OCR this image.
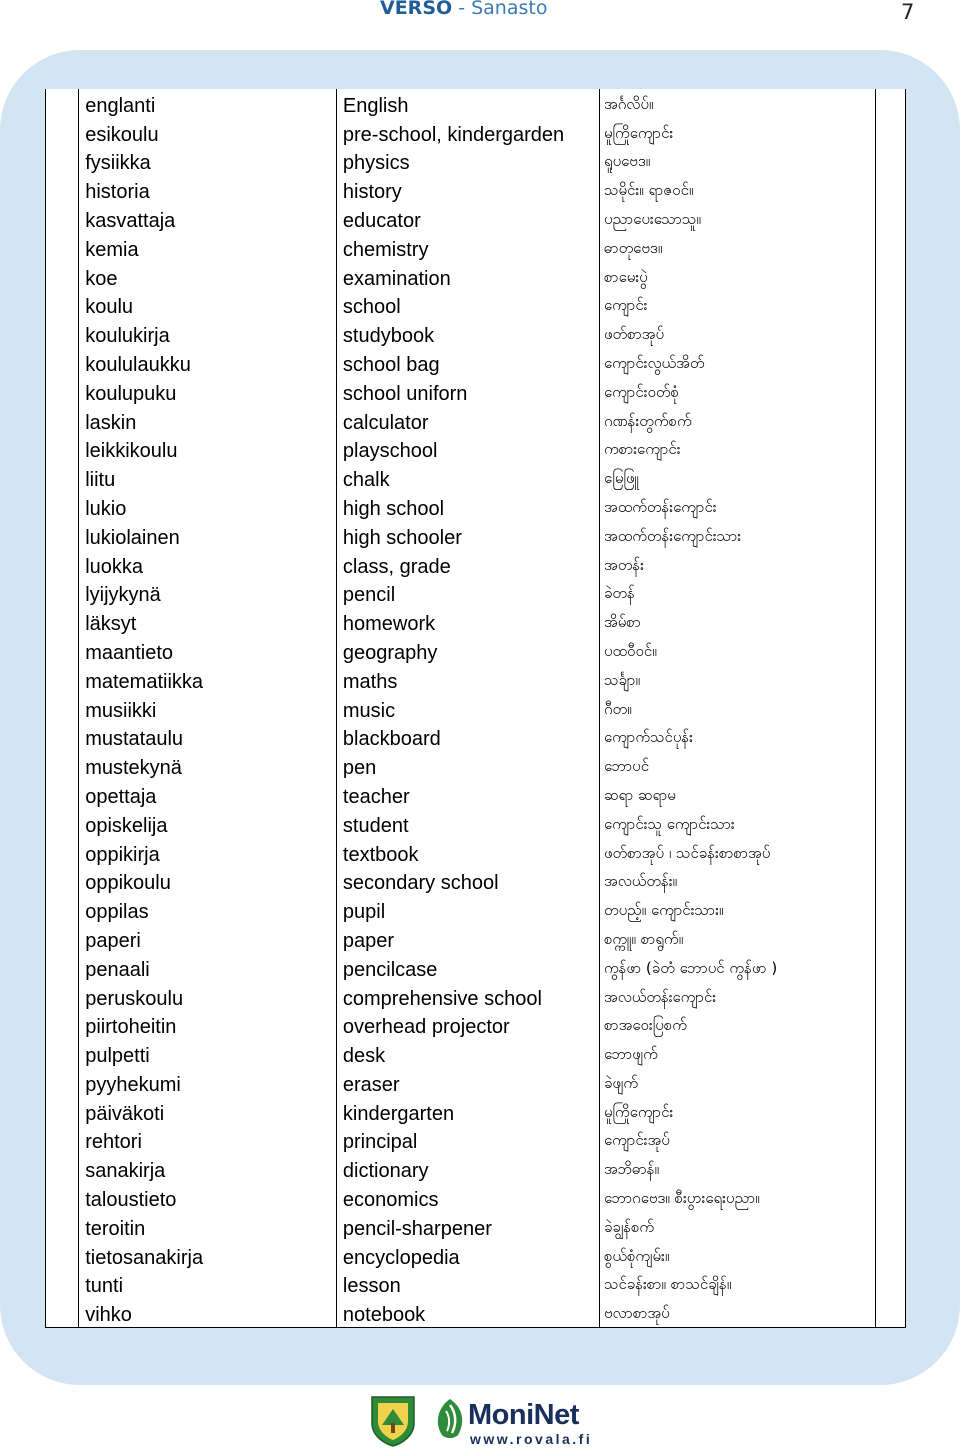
VERSO - Sanasto	7

	englanti	English	အင်္ဂလိပ်။	

	esikoulu	pre-school, kindergarden	မူကြိုကျောင်း	

	fysiikka	physics	ရူပဗေဒ။	

	historia	history	သမိုင်း။ ရာဇဝင်။	

	kasvattaja	educator	ပညာပေးသောသူ။	

	kemia	chemistry	ဓာတုဗေဒ။	

	koe	examination	စာမေးပွဲ	

	koulu	school	ကျောင်း	

	koulukirja	studybook	ဖတ်စာအုပ်	

	koululaukku	school bag	ကျောင်းလွယ်အိတ်	

	koulupuku	school uniforn	ကျောင်းဝတ်စုံ	

	laskin	calculator	ဂဏန်းတွက်စက်	

	leikkikoulu	playschool	ကစားကျောင်း	

	liitu	chalk	မြေဖြူ	

	lukio	high school	အထက်တန်းကျောင်း	

	lukiolainen	high schooler	အထက်တန်းကျောင်းသား	

	luokka	class, grade	အတန်း	

	lyijykynä	pencil	ခဲတန်	

	läksyt	homework	အိမ်စာ	

	maantieto	geography	ပထဝီဝင်။	

	matematiikka	maths	သင်္ချာ။	

	musiikki	music	ဂီတ။	

	mustataulu	blackboard	ကျောက်သင်ပုန်း	

	mustekynä	pen	ဘောပင်	

	opettaja	teacher	ဆရာ ဆရာမ	

	opiskelija	student	ကျောင်းသူ ကျောင်းသား	

	oppikirja	textbook	ဖတ်စာအုပ် ၊ သင်ခန်းစာစာအုပ်	

	oppikoulu	secondary school	အလယ်တန်း။	

	oppilas	pupil	တပည့်။ ကျောင်းသား။	

	paperi	paper	စက္ကူ။ စာရွက်။	

	penaali	pencilcase	ကွန်ဖာ (ခဲတံ ဘောပင် ကွန်ဖာ )	

	peruskoulu	comprehensive school	အလယ်တန်းကျောင်း	

	piirtoheitin	overhead projector	စာအဝေးပြစက်	

	pulpetti	desk	ဘောဖျက်	

	pyyhekumi	eraser	ခဲဖျက်	

	päiväkoti	kindergarten	မူကြိုကျောင်း	

	rehtori	principal	ကျောင်းအုပ်	

	sanakirja	dictionary	အဘိဓာန်။	

	taloustieto	economics	ဘောဂဗေဒ။ စီးပွားရေးပညာ။	

	teroitin	pencil-sharpener	ခဲချွန်စက်	

	tietosanakirja	encyclopedia	စွယ်စုံကျမ်း။	

	tunti	lesson	သင်ခန်းစာ။ စာသင်ချိန်။	

	vihko	notebook	ဗလာစာအုပ်	

MoniNet
www.rovala.fi
